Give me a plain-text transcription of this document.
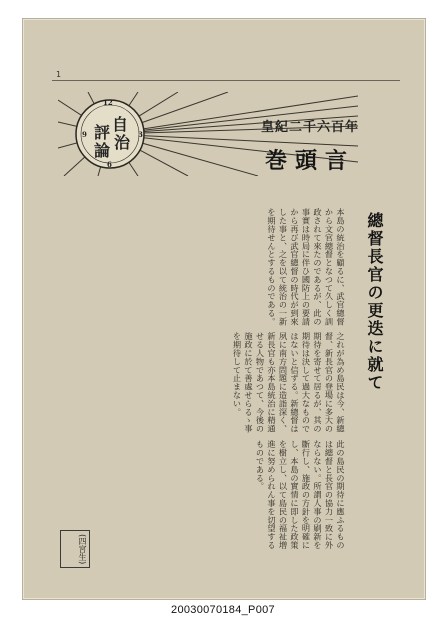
1
自
治
評
論
12
3
6
9	皇紀二千六百年
巻頭言
總督長官の更迭に就て
本島の統治を顧るに、武官總督から文官總督となつて久しく訓政されて來たのであるが、此の事實は時局に伴ひ國防上の要請から再び武官總督の時代が到來した事と、之を以て統治の一新を期待せんとするものである。
之れが為め島民は今、新總督、新長官の登場に多大の期待を寄せて居るが、其の期待は決して過大なものではないと信ずる。新總督は夙に南方問題に造詣深く、新長官も亦本島統治に精通せる人物であつて、今後の施政に於て善處せらるゝ事を期待して止まない。
此の島民の期待に應ふるものは總督と長官の協力一致に外ならない。所謂人事の刷新を斷行し、施政の方針を明確にし、本島の實情に即した政策を樹立し、以て島民の福祉増進に努められん事を切望するものである。
(四宮生)
20030070184_P007
